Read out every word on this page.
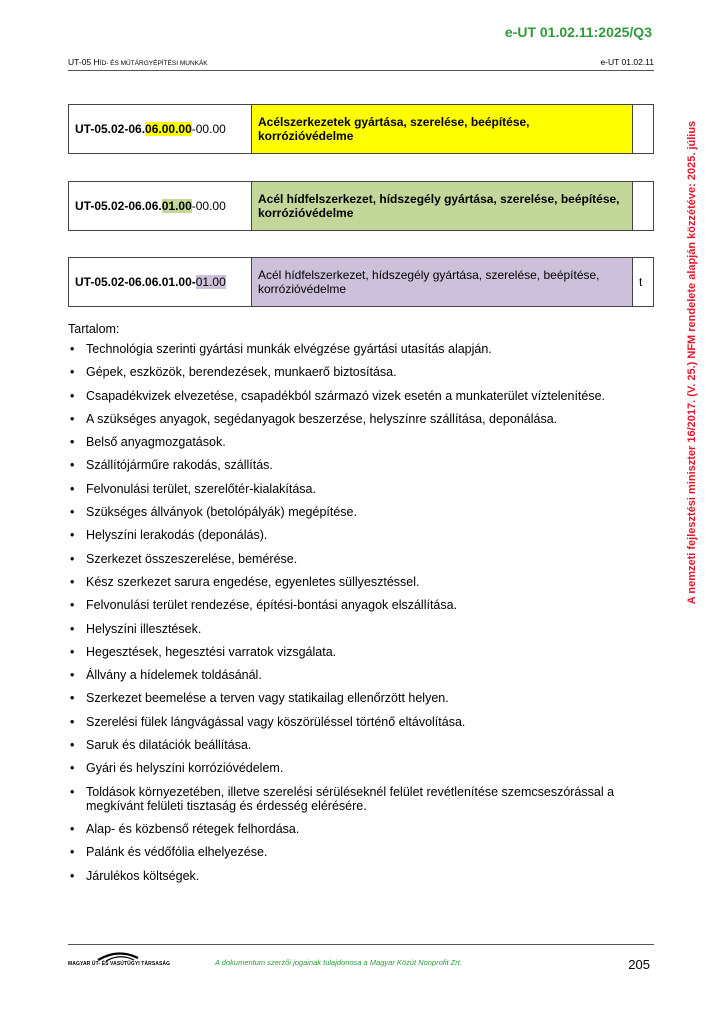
e-UT 01.02.11:2025/Q3
UT-05 HÍD- ÉS MŰTÁRGYÉPÍTÉSI MUNKÁK	e-UT 01.02.11
A nemzeti fejlesztési miniszter 16/2017. (V. 25.) NFM rendelete alapján közzétéve: 2025. július
UT-05.02-06.06.00.00-00.00	Acélszerkezetek gyártása, szerelése, beépítése, korrózióvédelme	
UT-05.02-06.06.01.00-00.00	Acél hídfelszerkezet, hídszegély gyártása, szerelése, beépítése, korrózióvédelme	
UT-05.02-06.06.01.00-01.00	Acél hídfelszerkezet, hídszegély gyártása, szerelése, beépítése, korrózióvédelme	t
Tartalom:
• Technológia szerinti gyártási munkák elvégzése gyártási utasítás alapján.
• Gépek, eszközök, berendezések, munkaerő biztosítása.
• Csapadékvizek elvezetése, csapadékból származó vizek esetén a munkaterület víztelenítése.
• A szükséges anyagok, segédanyagok beszerzése, helyszínre szállítása, deponálása.
• Belső anyagmozgatások.
• Szállítójárműre rakodás, szállítás.
• Felvonulási terület, szerelőtér-kialakítása.
• Szükséges állványok (betolópályák) megépítése.
• Helyszíni lerakodás (deponálás).
• Szerkezet összeszerelése, bemérése.
• Kész szerkezet sarura engedése, egyenletes süllyesztéssel.
• Felvonulási terület rendezése, építési-bontási anyagok elszállítása.
• Helyszíni illesztések.
• Hegesztések, hegesztési varratok vizsgálata.
• Állvány a hídelemek toldásánál.
• Szerkezet beemelése a terven vagy statikailag ellenőrzött helyen.
• Szerelési fülek lángvágással vagy köszörüléssel történő eltávolítása.
• Saruk és dilatációk beállítása.
• Gyári és helyszíni korrózióvédelem.
• Toldások környezetében, illetve szerelési sérüléseknél felület revétlenítése szemcseszórással a megkívánt felületi tisztaság és érdesség elérésére.
• Alap- és közbenső rétegek felhordása.
• Palánk és védőfólia elhelyezése.
• Járulékos költségek.
MAGYAR ÚT- ÉS VASÚTÜGYI TÁRSASÁG	A dokumentum szerzői jogainak tulajdonosa a Magyar Közút Nonprofit Zrt.	205
